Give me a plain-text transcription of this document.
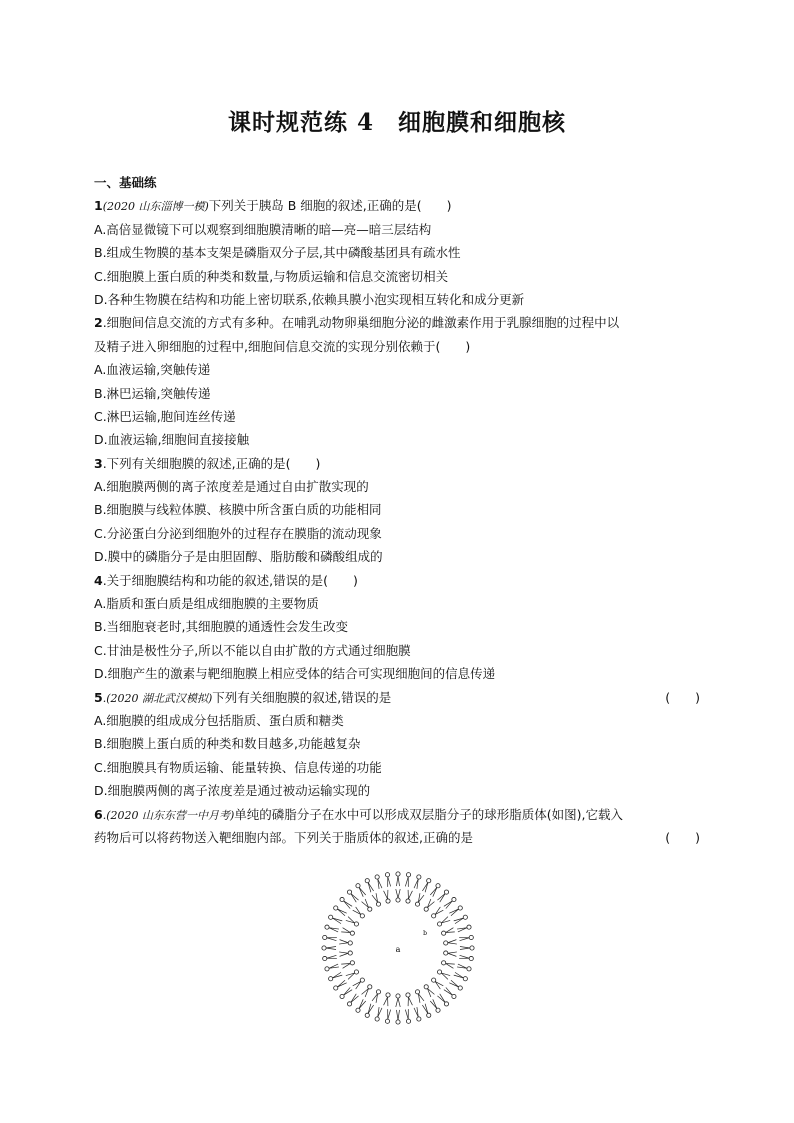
课时规范练 4　细胞膜和细胞核
一、基础练
1(2020 山东淄博一模)下列关于胰岛 B 细胞的叙述,正确的是(　　)
A.高倍显微镜下可以观察到细胞膜清晰的暗—亮—暗三层结构
B.组成生物膜的基本支架是磷脂双分子层,其中磷酸基团具有疏水性
C.细胞膜上蛋白质的种类和数量,与物质运输和信息交流密切相关
D.各种生物膜在结构和功能上密切联系,依赖具膜小泡实现相互转化和成分更新
2.细胞间信息交流的方式有多种。在哺乳动物卵巢细胞分泌的雌激素作用于乳腺细胞的过程中以
及精子进入卵细胞的过程中,细胞间信息交流的实现分别依赖于(　　)
A.血液运输,突触传递
B.淋巴运输,突触传递
C.淋巴运输,胞间连丝传递
D.血液运输,细胞间直接接触
3.下列有关细胞膜的叙述,正确的是(　　)
A.细胞膜两侧的离子浓度差是通过自由扩散实现的
B.细胞膜与线粒体膜、核膜中所含蛋白质的功能相同
C.分泌蛋白分泌到细胞外的过程存在膜脂的流动现象
D.膜中的磷脂分子是由胆固醇、脂肪酸和磷酸组成的
4.关于细胞膜结构和功能的叙述,错误的是(　　)
A.脂质和蛋白质是组成细胞膜的主要物质
B.当细胞衰老时,其细胞膜的通透性会发生改变
C.甘油是极性分子,所以不能以自由扩散的方式通过细胞膜
D.细胞产生的激素与靶细胞膜上相应受体的结合可实现细胞间的信息传递
5.(2020 湖北武汉模拟)下列有关细胞膜的叙述,错误的是	(　　)
A.细胞膜的组成成分包括脂质、蛋白质和糖类
B.细胞膜上蛋白质的种类和数目越多,功能越复杂
C.细胞膜具有物质运输、能量转换、信息传递的功能
D.细胞膜两侧的离子浓度差是通过被动运输实现的
6.(2020 山东东营一中月考)单纯的磷脂分子在水中可以形成双层脂分子的球形脂质体(如图),它载入
药物后可以将药物送入靶细胞内部。下列关于脂质体的叙述,正确的是	(　　)
a
b
